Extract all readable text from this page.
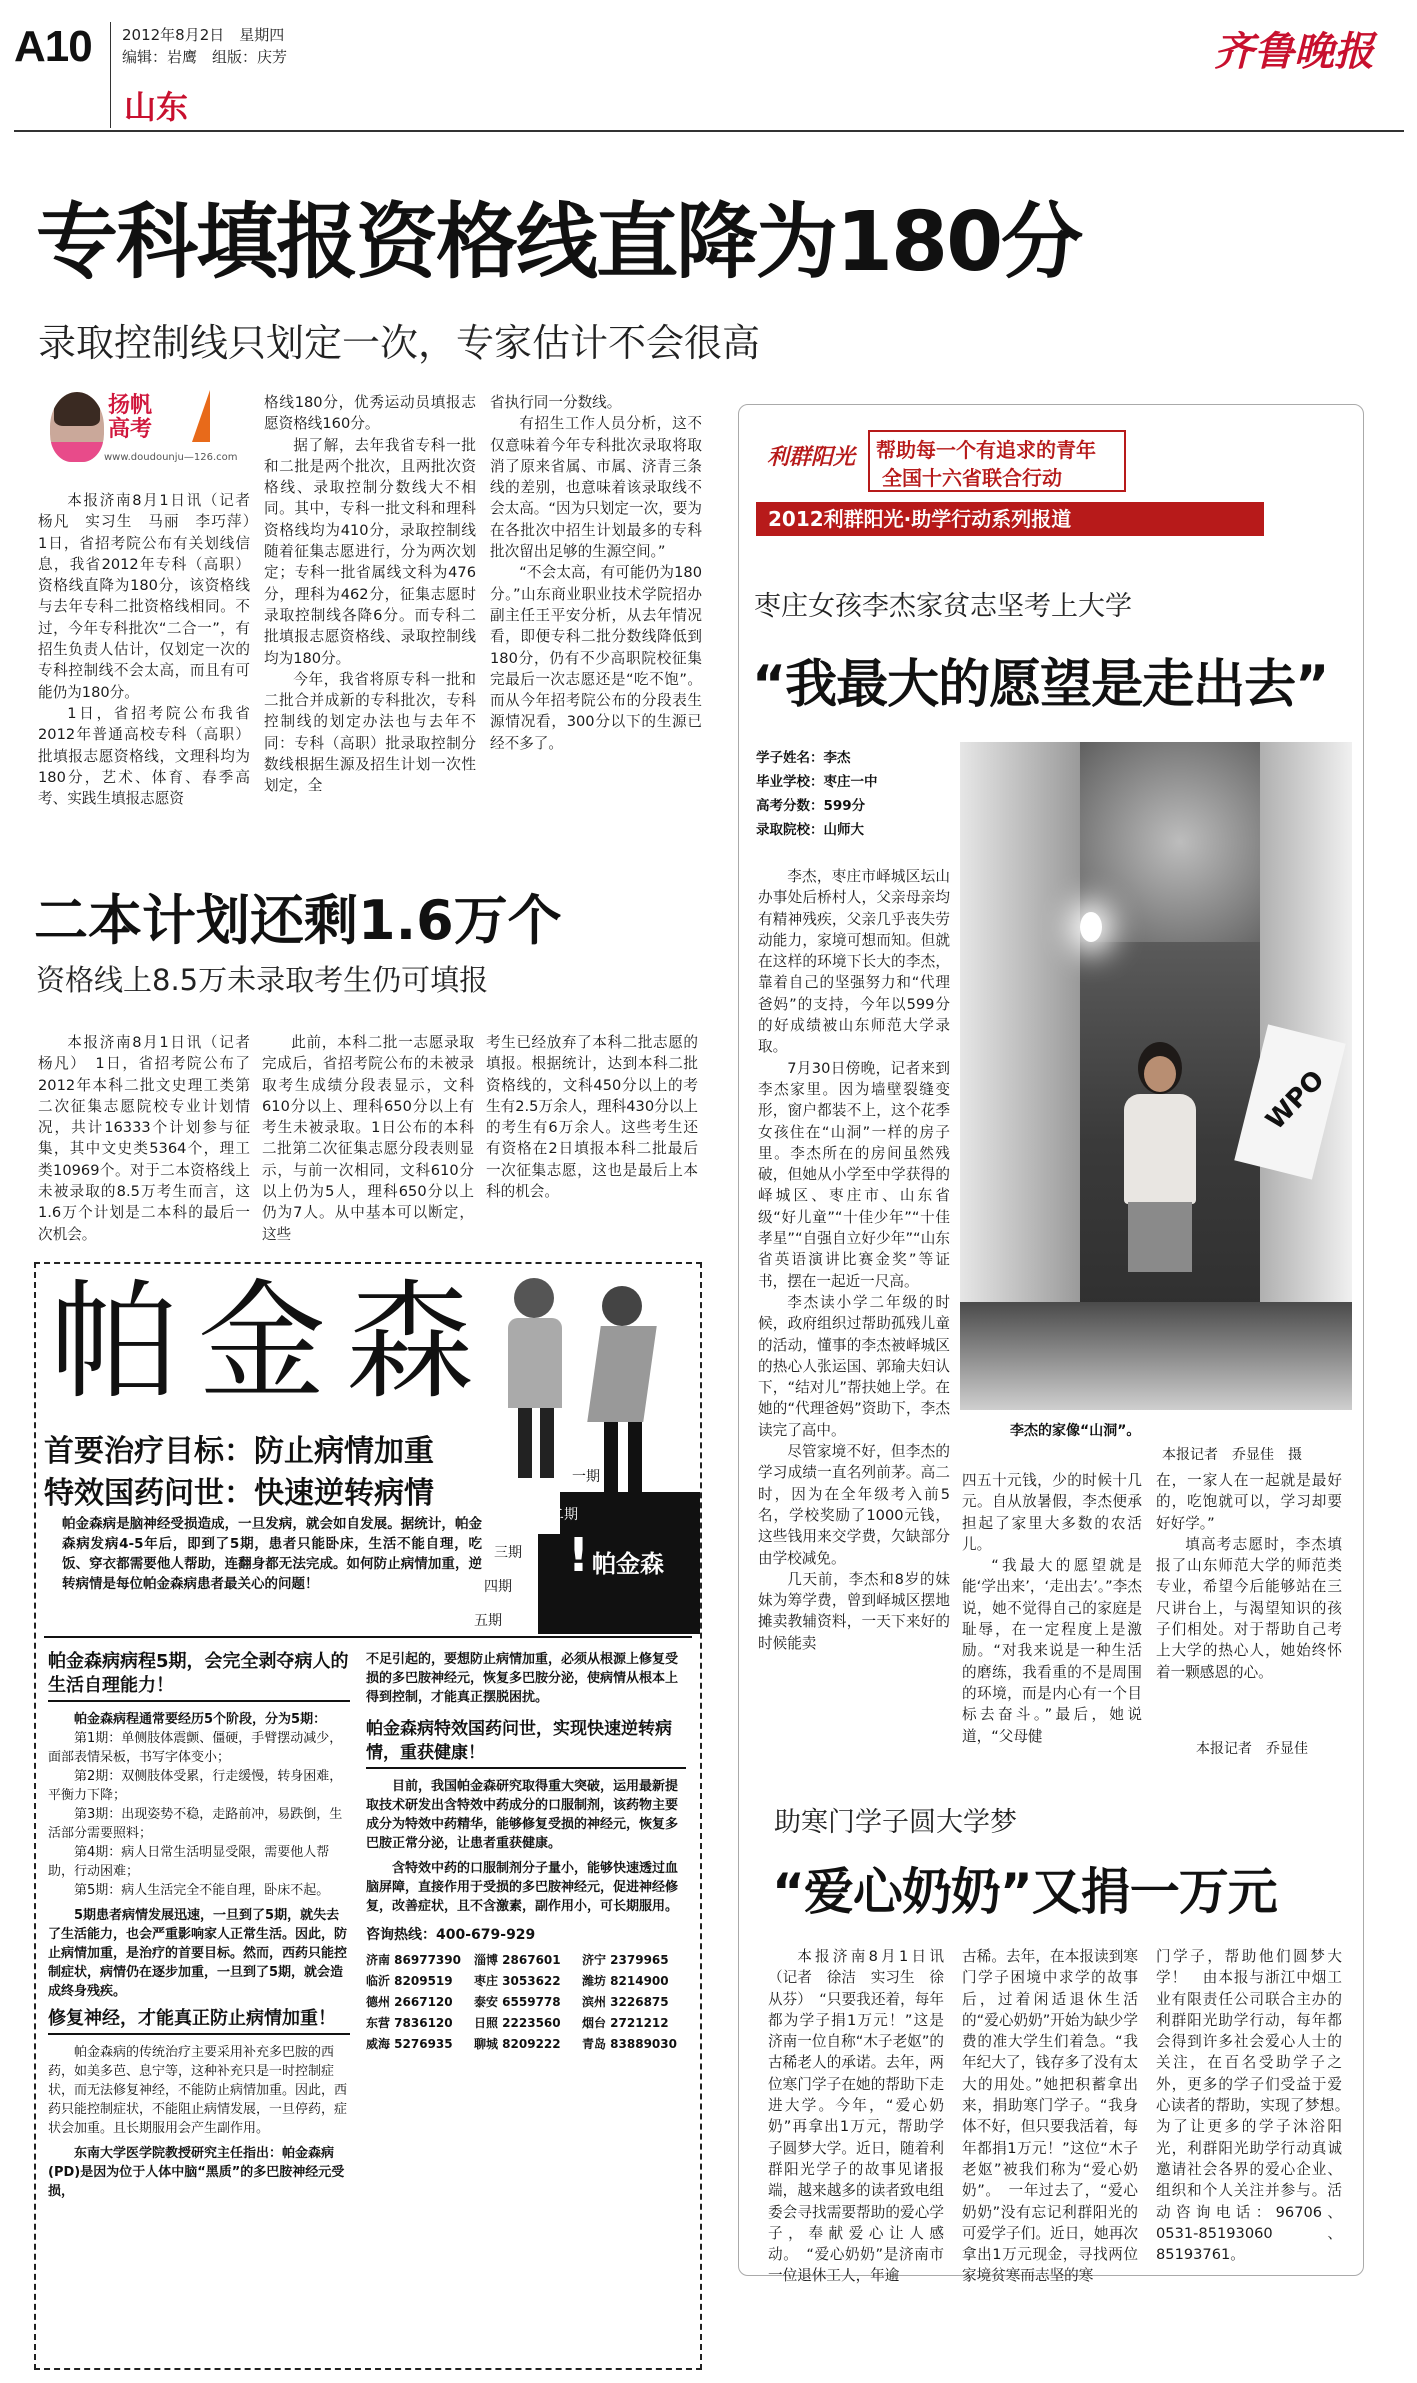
A10 2012年8月2日　星期四
编辑：岩鹰　组版：庆芳
山东
齐鲁晚报
专科填报资格线直降为180分
录取控制线只划定一次，专家估计不会很高
扬帆高考
www.doudounju—126.com

本报济南8月1日讯（记者　杨凡　实习生　马丽　李巧萍）　1日，省招考院公布有关划线信息，我省2012年专科（高职）资格线直降为180分，该资格线与去年专科二批资格线相同。不过，今年专科批次“二合一”，有招生负责人估计，仅划定一次的专科控制线不会太高，而且有可能仍为180分。

1日，省招考院公布我省2012年普通高校专科（高职）批填报志愿资格线，文理科均为180分，艺术、体育、春季高考、实践生填报志愿资

格线180分，优秀运动员填报志愿资格线160分。

据了解，去年我省专科一批和二批是两个批次，且两批次资格线、录取控制分数线大不相同。其中，专科一批文科和理科资格线均为410分，录取控制线随着征集志愿进行，分为两次划定；专科一批省属线文科为476分，理科为462分，征集志愿时录取控制线各降6分。而专科二批填报志愿资格线、录取控制线均为180分。

今年，我省将原专科一批和二批合并成新的专科批次，专科控制线的划定办法也与去年不同：专科（高职）批录取控制分数线根据生源及招生计划一次性划定，全

省执行同一分数线。

有招生工作人员分析，这不仅意味着今年专科批次录取将取消了原来省属、市属、济青三条线的差别，也意味着该录取线不会太高。“因为只划定一次，要为在各批次中招生计划最多的专科批次留出足够的生源空间。”

“不会太高，有可能仍为180分。”山东商业职业技术学院招办副主任王平安分析，从去年情况看，即便专科二批分数线降低到180分，仍有不少高职院校征集完最后一次志愿还是“吃不饱”。而从今年招考院公布的分段表生源情况看，300分以下的生源已经不多了。

二本计划还剩1.6万个
资格线上8.5万未录取考生仍可填报

本报济南8月1日讯（记者　杨凡）　1日，省招考院公布了2012年本科二批文史理工类第二次征集志愿院校专业计划情况，共计16333个计划参与征集，其中文史类5364个，理工类10969个。对于二本资格线上未被录取的8.5万考生而言，这1.6万个计划是二本科的最后一次机会。

此前，本科二批一志愿录取完成后，省招考院公布的未被录取考生成绩分段表显示，文科610分以上、理科650分以上有考生未被录取。1日公布的本科二批第二次征集志愿分段表则显示，与前一次相同，文科610分以上仍为5人，理科650分以上仍为7人。从中基本可以断定，这些

考生已经放弃了本科二批志愿的填报。根据统计，达到本科二批资格线的，文科450分以上的考生有2.5万余人，理科430分以上的考生有6万余人。这些考生还有资格在2日填报本科二批最后一次征集志愿，这也是最后上本科的机会。

帕金森
首要治疗目标：防止病情加重
特效国药问世：快速逆转病情	一期
二期
三期
四期
五期
! 帕金森
帕金森病是脑神经受损造成，一旦发病，就会如自发展。据统计，帕金森病发病4-5年后，即到了5期，患者只能卧床，生活不能自理，吃饭、穿衣都需要他人帮助，连翻身都无法完成。如何防止病情加重，逆转病情是每位帕金森病患者最关心的问题！
帕金森病病程5期，会完全剥夺病人的生活自理能力！
帕金森病程通常要经历5个阶段，分为5期：
第1期：单侧肢体震颤、僵硬，手臂摆动减少，面部表情呆板，书写字体变小；
第2期：双侧肢体受累，行走缓慢，转身困难，平衡力下降；
第3期：出现姿势不稳，走路前冲，易跌倒，生活部分需要照料；
第4期：病人日常生活明显受限，需要他人帮助，行动困难；
第5期：病人生活完全不能自理，卧床不起。
5期患者病情发展迅速，一旦到了5期，就失去了生活能力，也会严重影响家人正常生活。因此，防止病情加重，是治疗的首要目标。然而，西药只能控制症状，病情仍在逐步加重，一旦到了5期，就会造成终身残疾。
修复神经，才能真正防止病情加重！
帕金森病的传统治疗主要采用补充多巴胺的西药，如美多芭、息宁等，这种补充只是一时控制症状，而无法修复神经，不能防止病情加重。因此，西药只能控制症状，不能阻止病情发展，一旦停药，症状会加重。且长期服用会产生副作用。
东南大学医学院教授研究主任指出：帕金森病(PD)是因为位于人体中脑“黑质”的多巴胺神经元受损，
不足引起的，要想防止病情加重，必须从根源上修复受损的多巴胺神经元，恢复多巴胺分泌，使病情从根本上得到控制，才能真正摆脱困扰。
帕金森病特效国药问世，实现快速逆转病情，重获健康！
目前，我国帕金森研究取得重大突破，运用最新提取技术研发出含特效中药成分的口服制剂，该药物主要成分为特效中药精华，能够修复受损的神经元，恢复多巴胺正常分泌，让患者重获健康。
含特效中药的口服制剂分子量小，能够快速透过血脑屏障，直接作用于受损的多巴胺神经元，促进神经修复，改善症状，且不含激素，副作用小，可长期服用。
咨询热线：400-679-929
济南 86977390	淄博 2867601	济宁 2379965
临沂 8209519	枣庄 3053622	潍坊 8214900
德州 2667120	泰安 6559778	滨州 3226875
东营 7836120	日照 2223560	烟台 2721212
威海 5276935	聊城 8209222	青岛 83889030
利群阳光	帮助每一个有追求的青年
全国十六省联合行动
2012利群阳光·助学行动系列报道
枣庄女孩李杰家贫志坚考上大学
“我最大的愿望是走出去”
学子姓名：李杰
毕业学校：枣庄一中
高考分数：599分
录取院校：山师大
WPO
李杰的家像“山洞”。
本报记者　乔显佳　摄

李杰，枣庄市峄城区坛山办事处后桥村人，父亲母亲均有精神残疾，父亲几乎丧失劳动能力，家境可想而知。但就在这样的环境下长大的李杰，靠着自己的坚强努力和“代理爸妈”的支持，今年以599分的好成绩被山东师范大学录取。

7月30日傍晚，记者来到李杰家里。因为墙壁裂缝变形，窗户都装不上，这个花季女孩住在“山洞”一样的房子里。李杰所在的房间虽然残破，但她从小学至中学获得的峄城区、枣庄市、山东省级“好儿童”“十佳少年”“十佳孝星”“自强自立好少年”“山东省英语演讲比赛金奖”等证书，摆在一起近一尺高。

李杰读小学二年级的时候，政府组织过帮助孤残儿童的活动，懂事的李杰被峄城区的热心人张运国、郭瑜夫妇认下，“结对儿”帮扶她上学。在她的“代理爸妈”资助下，李杰读完了高中。

尽管家境不好，但李杰的学习成绩一直名列前茅。高二时，因为在全年级考入前5名，学校奖励了1000元钱，这些钱用来交学费，欠缺部分由学校减免。

几天前，李杰和8岁的妹妹为筹学费，曾到峄城区摆地摊卖教辅资料，一天下来好的时候能卖

四五十元钱，少的时候十几元。自从放暑假，李杰便承担起了家里大多数的农活儿。

“我最大的愿望就是能‘学出来’，‘走出去’。”李杰说，她不觉得自己的家庭是耻辱，在一定程度上是激励。“对我来说是一种生活的磨练，我看重的不是周围的环境，而是内心有一个目标去奋斗。”最后，她说道，“父母健

在，一家人在一起就是最好的，吃饱就可以，学习却要好好学。”

填高考志愿时，李杰填报了山东师范大学的师范类专业，希望今后能够站在三尺讲台上，与渴望知识的孩子们相处。对于帮助自己考上大学的热心人，她始终怀着一颗感恩的心。

本报记者　乔显佳
助寒门学子圆大学梦
“爱心奶奶”又捐一万元

本报济南8月1日讯（记者　徐洁　实习生　徐从芬）　“只要我还着，每年都为学子捐1万元！”这是济南一位自称“木子老妪”的古稀老人的承诺。去年，两位寒门学子在她的帮助下走进大学。今年，“爱心奶奶”再拿出1万元，帮助学子圆梦大学。近日，随着利群阳光学子的故事见诸报端，越来越多的读者致电组委会寻找需要帮助的爱心学子，奉献爱心让人感动。　“爱心奶奶”是济南市一位退休工人，年逾

古稀。去年，在本报读到寒门学子困境中求学的故事后，过着闲适退休生活的“爱心奶奶”开始为缺少学费的准大学生们着急。“我年纪大了，钱存多了没有太大的用处。”她把积蓄拿出来，捐助寒门学子。“我身体不好，但只要我活着，每年都捐1万元！”这位“木子老妪”被我们称为“爱心奶奶”。　一年过去了，“爱心奶奶”没有忘记利群阳光的可爱学子们。近日，她再次拿出1万元现金，寻找两位家境贫寒而志坚的寒

门学子，帮助他们圆梦大学！　由本报与浙江中烟工业有限责任公司联合主办的利群阳光助学行动，每年都会得到许多社会爱心人士的关注，在百名受助学子之外，更多的学子们受益于爱心读者的帮助，实现了梦想。　为了让更多的学子沐浴阳光，利群阳光助学行动真诚邀请社会各界的爱心企业、组织和个人关注并参与。活动咨询电话：96706、0531-85193060、85193761。
